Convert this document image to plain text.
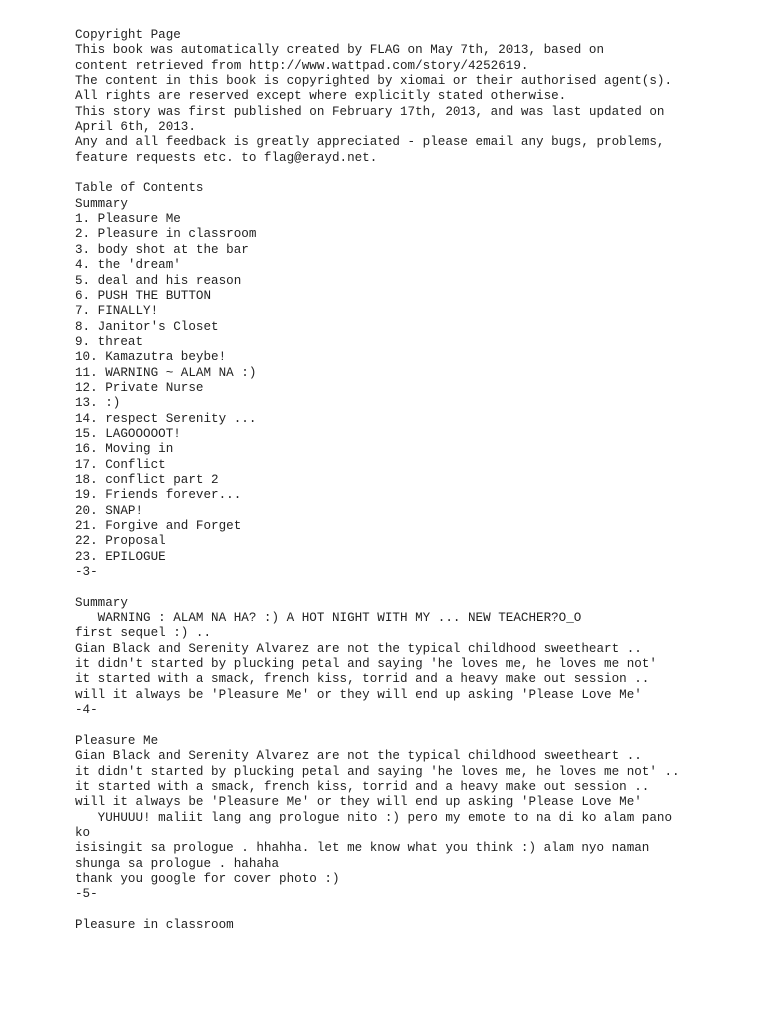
Copyright Page
This book was automatically created by FLAG on May 7th, 2013, based on
content retrieved from http://www.wattpad.com/story/4252619.
The content in this book is copyrighted by xiomai or their authorised agent(s).
All rights are reserved except where explicitly stated otherwise.
This story was first published on February 17th, 2013, and was last updated on
April 6th, 2013.
Any and all feedback is greatly appreciated - please email any bugs, problems,
feature requests etc. to flag@erayd.net.
Table of Contents
Summary
1. Pleasure Me
2. Pleasure in classroom
3. body shot at the bar
4. the 'dream'
5. deal and his reason
6. PUSH THE BUTTON
7. FINALLY!
8. Janitor's Closet
9. threat
10. Kamazutra beybe!
11. WARNING ~ ALAM NA :)
12. Private Nurse
13. :)
14. respect Serenity ...
15. LAGOOOOOT!
16. Moving in
17. Conflict
18. conflict part 2
19. Friends forever...
20. SNAP!
21. Forgive and Forget
22. Proposal
23. EPILOGUE
-3-
Summary
WARNING : ALAM NA HA? :) A HOT NIGHT WITH MY ... NEW TEACHER?O_O
first sequel :) ..
Gian Black and Serenity Alvarez are not the typical childhood sweetheart ..
it didn't started by plucking petal and saying 'he loves me, he loves me not'
it started with a smack, french kiss, torrid and a heavy make out session ..
will it always be 'Pleasure Me' or they will end up asking 'Please Love Me'
-4-
Pleasure Me
Gian Black and Serenity Alvarez are not the typical childhood sweetheart ..
it didn't started by plucking petal and saying 'he loves me, he loves me not' ..
it started with a smack, french kiss, torrid and a heavy make out session ..
will it always be 'Pleasure Me' or they will end up asking 'Please Love Me'
YUHUUU! maliit lang ang prologue nito :) pero my emote to na di ko alam pano
ko
isisingit sa prologue . hhahha. let me know what you think :) alam nyo naman
shunga sa prologue . hahaha
thank you google for cover photo :)
-5-
Pleasure in classroom
